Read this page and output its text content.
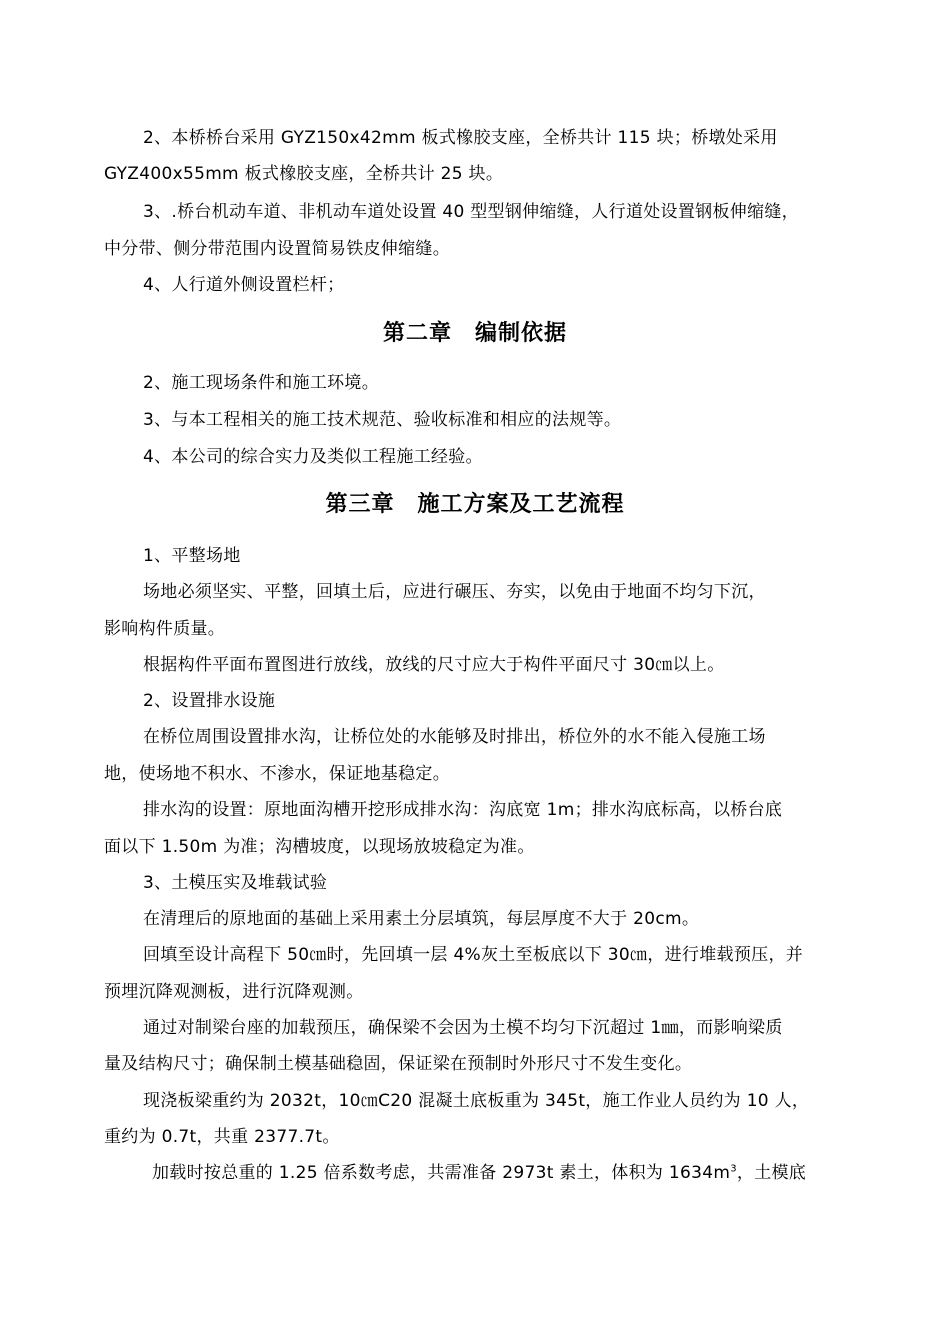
2、本桥桥台采用 GYZ150x42mm 板式橡胶支座，全桥共计 115 块；桥墩处采用
GYZ400x55mm 板式橡胶支座，全桥共计 25 块。
3、.桥台机动车道、非机动车道处设置 40 型型钢伸缩缝，人行道处设置钢板伸缩缝，
中分带、侧分带范围内设置简易铁皮伸缩缝。
4、人行道外侧设置栏杆；
第二章　编制依据
2、施工现场条件和施工环境。
3、与本工程相关的施工技术规范、验收标准和相应的法规等。
4、本公司的综合实力及类似工程施工经验。
第三章　施工方案及工艺流程
1、平整场地
场地必须坚实、平整，回填土后，应进行碾压、夯实，以免由于地面不均匀下沉，
影响构件质量。
根据构件平面布置图进行放线，放线的尺寸应大于构件平面尺寸 30㎝以上。
2、设置排水设施
在桥位周围设置排水沟，让桥位处的水能够及时排出，桥位外的水不能入侵施工场
地，使场地不积水、不渗水，保证地基稳定。
排水沟的设置：原地面沟槽开挖形成排水沟：沟底宽 1m；排水沟底标高，以桥台底
面以下 1.50m 为准；沟槽坡度，以现场放坡稳定为准。
3、土模压实及堆载试验
在清理后的原地面的基础上采用素土分层填筑，每层厚度不大于 20cm。
回填至设计高程下 50㎝时，先回填一层 4%灰土至板底以下 30㎝，进行堆载预压，并
预埋沉降观测板，进行沉降观测。
通过对制梁台座的加载预压，确保梁不会因为土模不均匀下沉超过 1㎜，而影响梁质
量及结构尺寸；确保制土模基础稳固，保证梁在预制时外形尺寸不发生变化。
现浇板梁重约为 2032t，10㎝C20 混凝土底板重为 345t，施工作业人员约为 10 人，
重约为 0.7t，共重 2377.7t。
加载时按总重的 1.25 倍系数考虑，共需准备 2973t 素土，体积为 $1634m^3$，土模底
